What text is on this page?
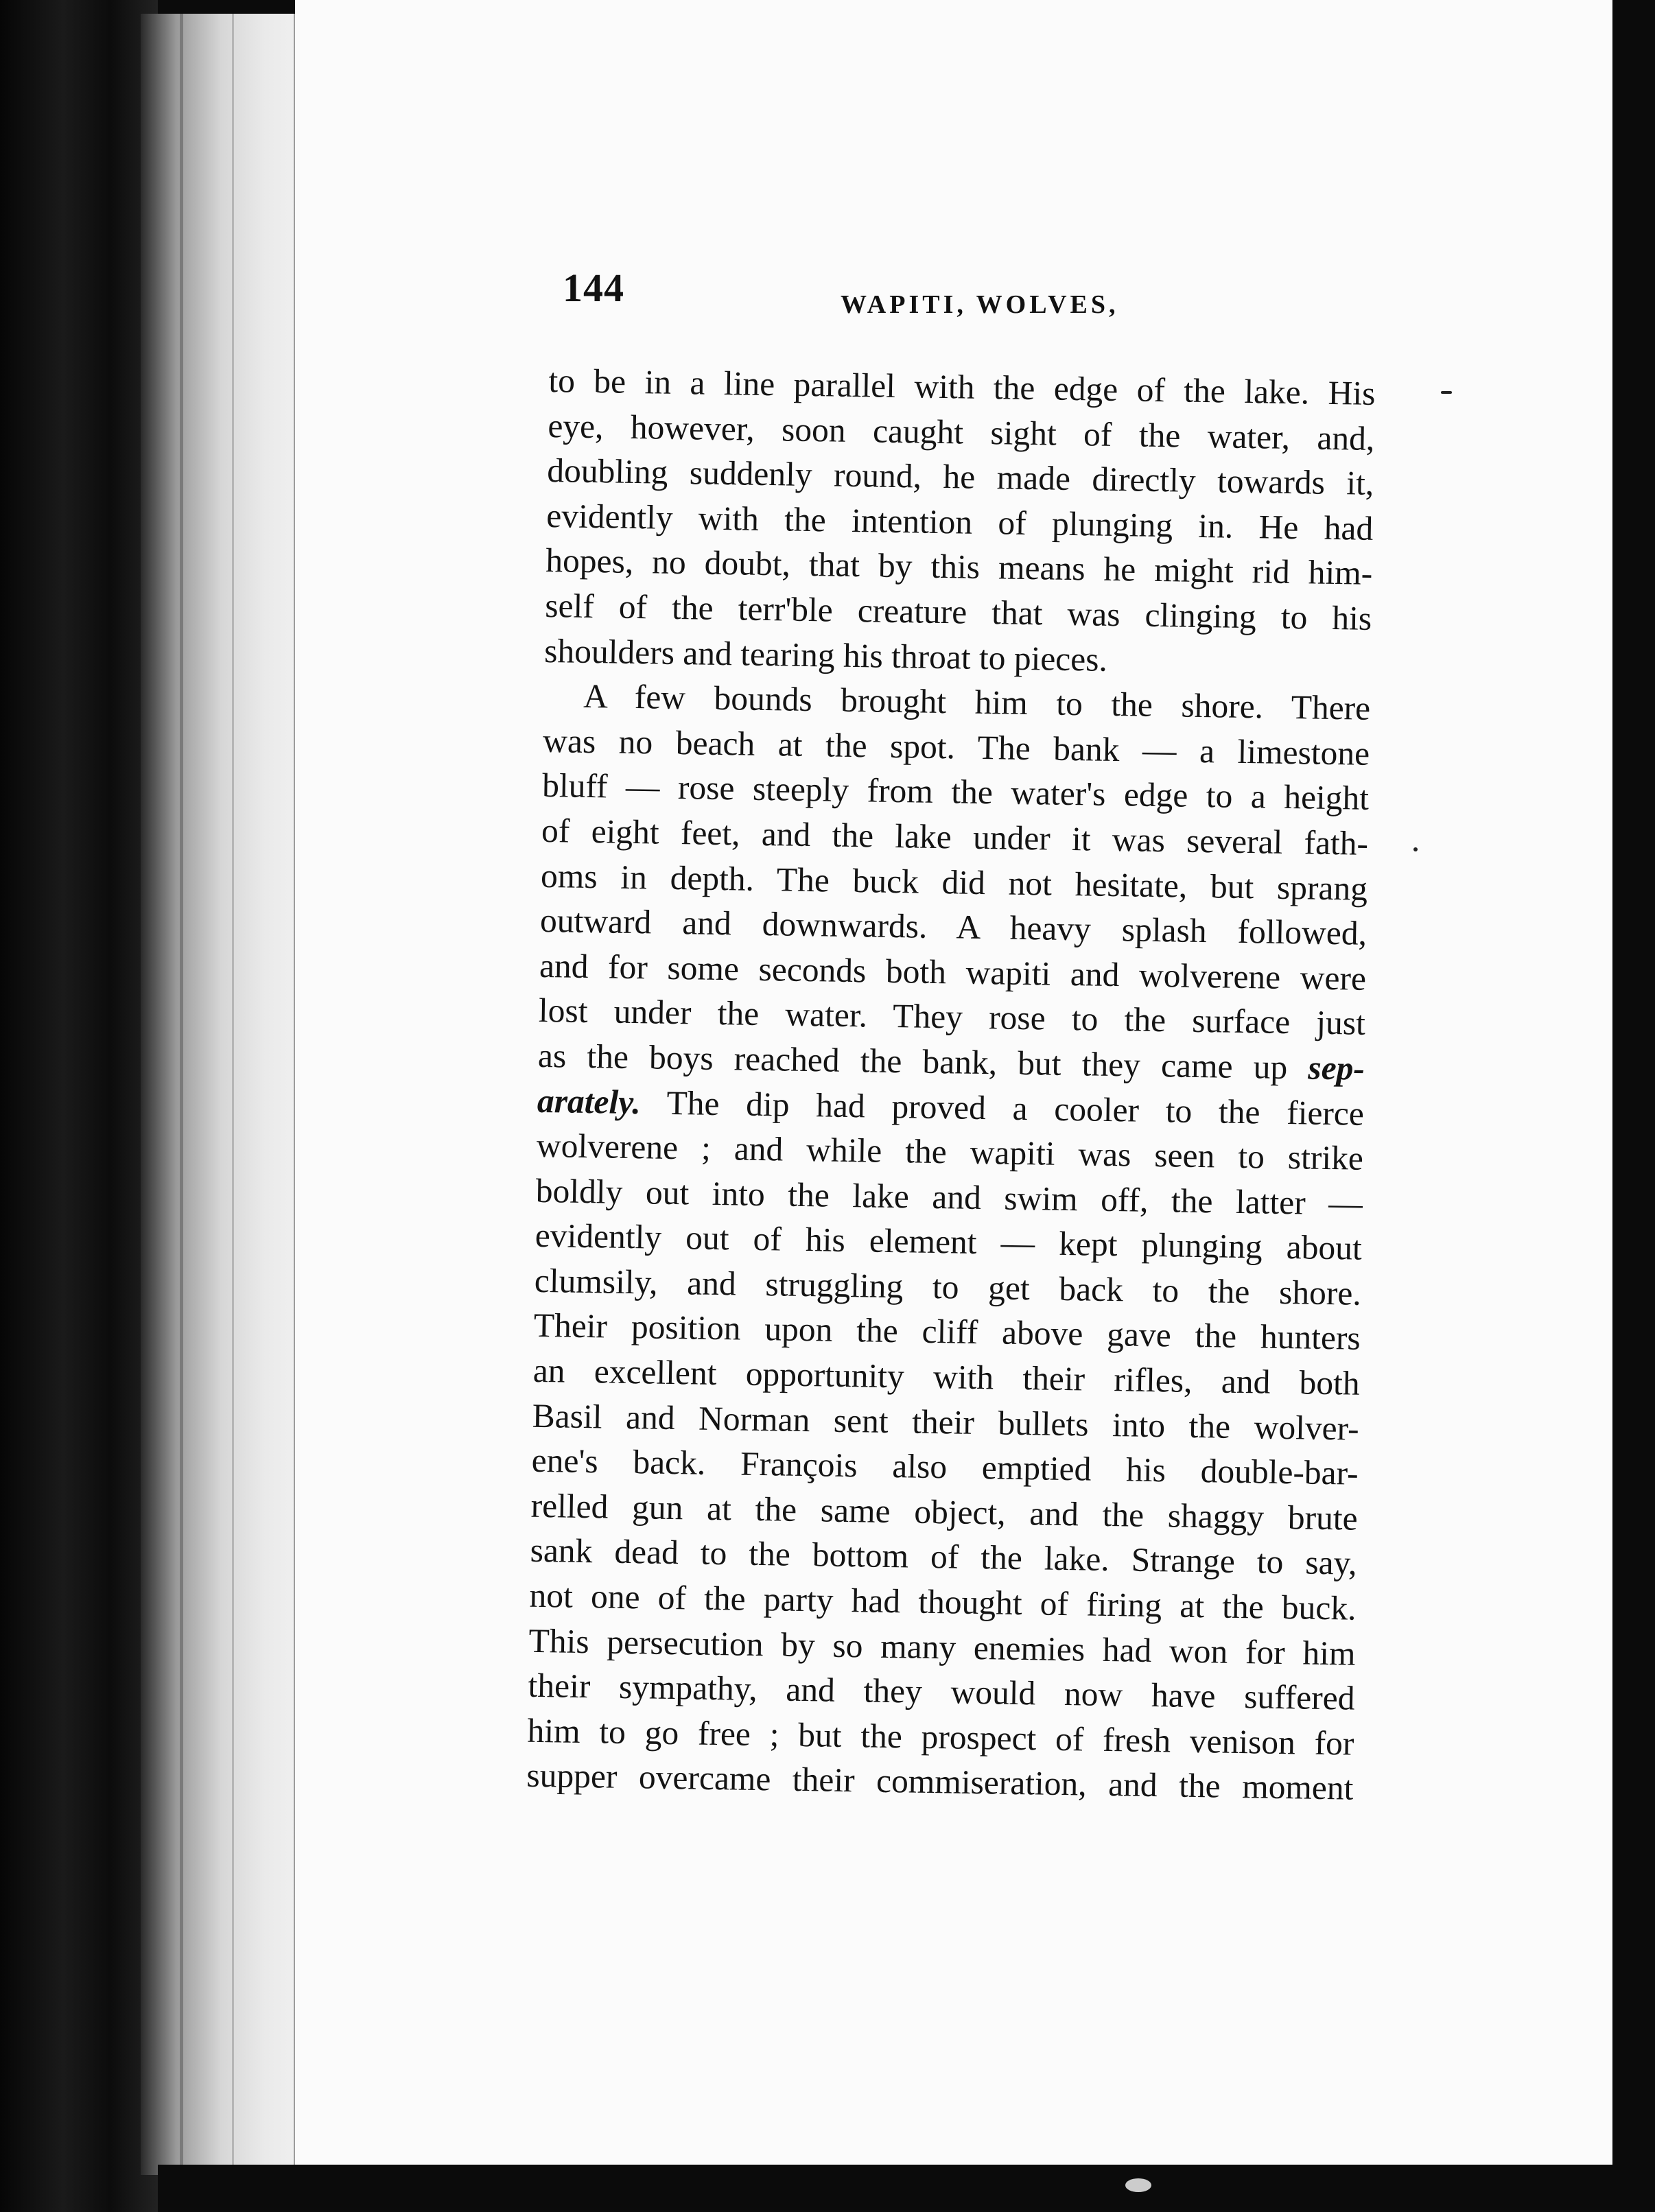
144	WAPITI, WOLVES,
to be in a line parallel with the edge of the lake. His
eye, however, soon caught sight of the water, and,
doubling suddenly round, he made directly towards it,
evidently with the intention of plunging in. He had
hopes, no doubt, that by this means he might rid him-
self of the terr'ble creature that was clinging to his
shoulders and tearing his throat to pieces.
A few bounds brought him to the shore. There
was no beach at the spot. The bank — a limestone
bluff — rose steeply from the water's edge to a height
of eight feet, and the lake under it was several fath-
oms in depth. The buck did not hesitate, but sprang
outward and downwards. A heavy splash followed,
and for some seconds both wapiti and wolverene were
lost under the water. They rose to the surface just
as the boys reached the bank, but they came up sep-
arately. The dip had proved a cooler to the fierce
wolverene ; and while the wapiti was seen to strike
boldly out into the lake and swim off, the latter —
evidently out of his element — kept plunging about
clumsily, and struggling to get back to the shore.
Their position upon the cliff above gave the hunters
an excellent opportunity with their rifles, and both
Basil and Norman sent their bullets into the wolver-
ene's back. François also emptied his double-bar-
relled gun at the same object, and the shaggy brute
sank dead to the bottom of the lake. Strange to say,
not one of the party had thought of firing at the buck.
This persecution by so many enemies had won for him
their sympathy, and they would now have suffered
him to go free ; but the prospect of fresh venison for
supper overcame their commiseration, and the moment
